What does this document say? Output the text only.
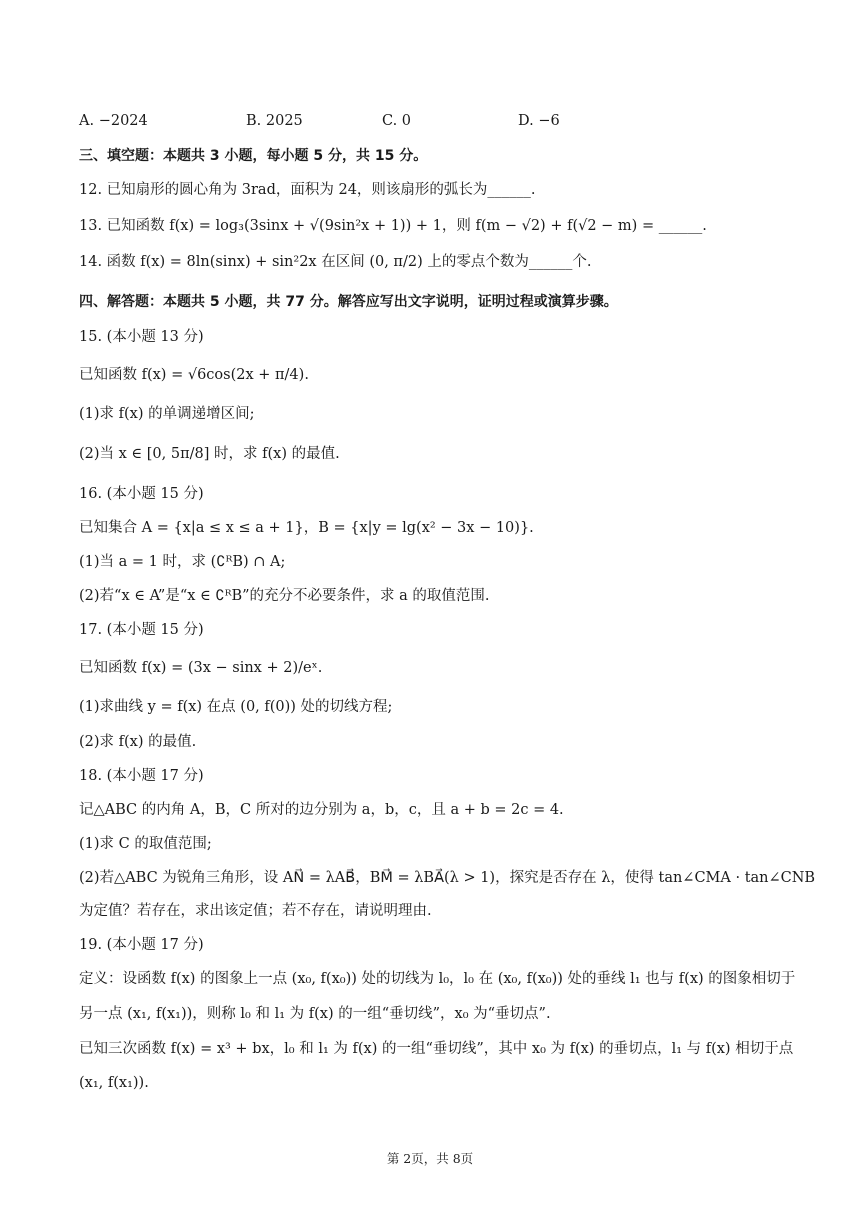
A. −2024	B. 2025	C. 0	D. −6
三、填空题：本题共 3 小题，每小题 5 分，共 15 分。
12. 已知扇形的圆心角为 3rad，面积为 24，则该扇形的弧长为______.
13. 已知函数 f(x) = log₃(3sinx + √(9sin²x + 1)) + 1，则 f(m − √2) + f(√2 − m) = ______.
14. 函数 f(x) = 8ln(sinx) + sin²2x 在区间 (0, π/2) 上的零点个数为______个.
四、解答题：本题共 5 小题，共 77 分。解答应写出文字说明，证明过程或演算步骤。
15. (本小题 13 分)
已知函数 f(x) = √6cos(2x + π/4).
(1)求 f(x) 的单调递增区间;
(2)当 x ∈ [0, 5π/8] 时，求 f(x) 的最值.
16. (本小题 15 分)
已知集合 A = {x|a ≤ x ≤ a + 1}，B = {x|y = lg(x² − 3x − 10)}.
(1)当 a = 1 时，求 (∁ᴿB) ∩ A;
(2)若“x ∈ A”是“x ∈ ∁ᴿB”的充分不必要条件，求 a 的取值范围.
17. (本小题 15 分)
已知函数 f(x) = (3x − sinx + 2)/eˣ.
(1)求曲线 y = f(x) 在点 (0, f(0)) 处的切线方程;
(2)求 f(x) 的最值.
18. (本小题 17 分)
记△ABC 的内角 A，B，C 所对的边分别为 a，b，c，且 a + b = 2c = 4.
(1)求 C 的取值范围;
(2)若△ABC 为锐角三角形，设 AN⃗ = λAB⃗，BM⃗ = λBA⃗(λ > 1)，探究是否存在 λ，使得 tan∠CMA · tan∠CNB
为定值？若存在，求出该定值；若不存在，请说明理由.
19. (本小题 17 分)
定义：设函数 f(x) 的图象上一点 (x₀, f(x₀)) 处的切线为 l₀，l₀ 在 (x₀, f(x₀)) 处的垂线 l₁ 也与 f(x) 的图象相切于
另一点 (x₁, f(x₁))，则称 l₀ 和 l₁ 为 f(x) 的一组“垂切线”，x₀ 为“垂切点”.
已知三次函数 f(x) = x³ + bx，l₀ 和 l₁ 为 f(x) 的一组“垂切线”，其中 x₀ 为 f(x) 的垂切点，l₁ 与 f(x) 相切于点
(x₁, f(x₁)).
第 2页，共 8页
